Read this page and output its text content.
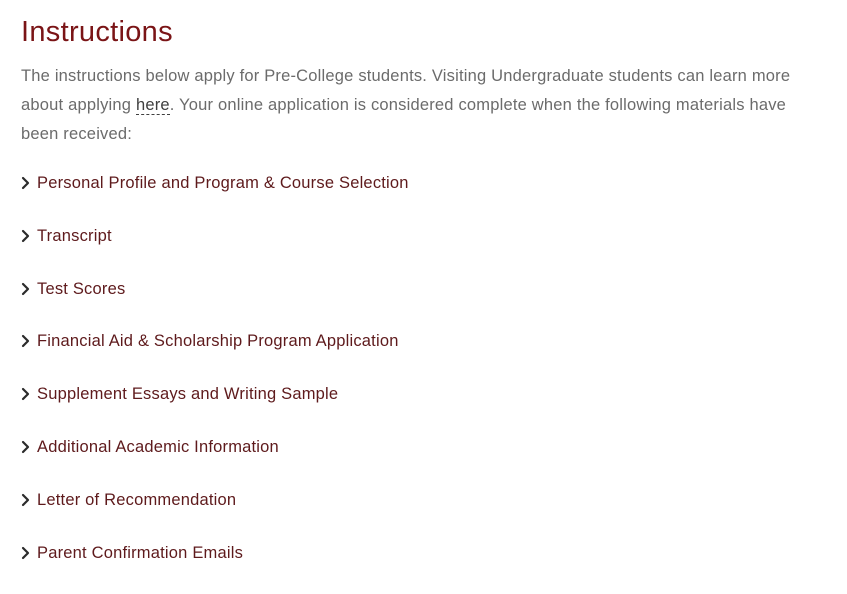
Instructions

The instructions below apply for Pre-College students. Visiting Undergraduate students can learn more about applying here. Your online application is considered complete when the following materials have been received:

Personal Profile and Program & Course Selection
Transcript
Test Scores
Financial Aid & Scholarship Program Application
Supplement Essays and Writing Sample
Additional Academic Information
Letter of Recommendation
Parent Confirmation Emails
